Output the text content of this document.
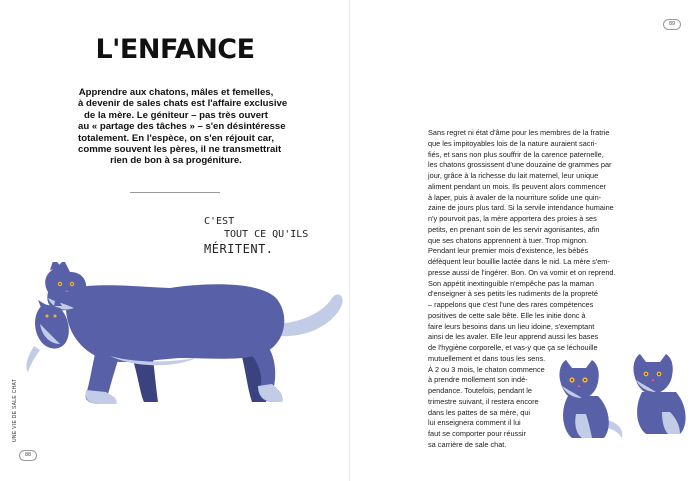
L'ENFANCE
Apprendre aux chatons, mâles et femelles,
à devenir de sales chats est l'affaire exclusive
de la mère. Le géniteur – pas très ouvert
au « partage des tâches » – s'en désintéresse
totalement. En l'espèce, on s'en réjouit car,
comme souvent les pères, il ne transmettrait
rien de bon à sa progéniture.
C'EST
TOUT CE QU'ILS
MÉRITENT.
UNE VIE DE SALE CHAT
88
89
Sans regret ni état d'âme pour les membres de la fratrie
que les impitoyables lois de la nature auraient sacri-
fiés, et sans non plus souffrir de la carence paternelle,
les chatons grossissent d'une douzaine de grammes par
jour, grâce à la richesse du lait maternel, leur unique
aliment pendant un mois. Ils peuvent alors commencer
à laper, puis à avaler de la nourriture solide une quin-
zaine de jours plus tard. Si la servile intendance humaine
n'y pourvoit pas, la mère apportera des proies à ses
petits, en prenant soin de les servir agonisantes, afin
que ses chatons apprennent à tuer. Trop mignon.
Pendant leur premier mois d'existence, les bébés
défèquent leur bouillie lactée dans le nid. La mère s'em-
presse aussi de l'ingérer. Bon. On va vomir et on reprend.
Son appétit inextinguible n'empêche pas la maman
d'enseigner à ses petits les rudiments de la propreté
– rappelons que c'est l'une des rares compétences
positives de cette sale bête. Elle les initie donc à
faire leurs besoins dans un lieu idoine, s'exemptant
ainsi de les avaler. Elle leur apprend aussi les bases
de l'hygiène corporelle, et vas-y que ça se léchouille
mutuellement et dans tous les sens.
À 2 ou 3 mois, le chaton commence
à prendre mollement son indé-
pendance. Toutefois, pendant le
trimestre suivant, il restera encore
dans les pattes de sa mère, qui
lui enseignera comment il lui
faut se comporter pour réussir
sa carrière de sale chat.
